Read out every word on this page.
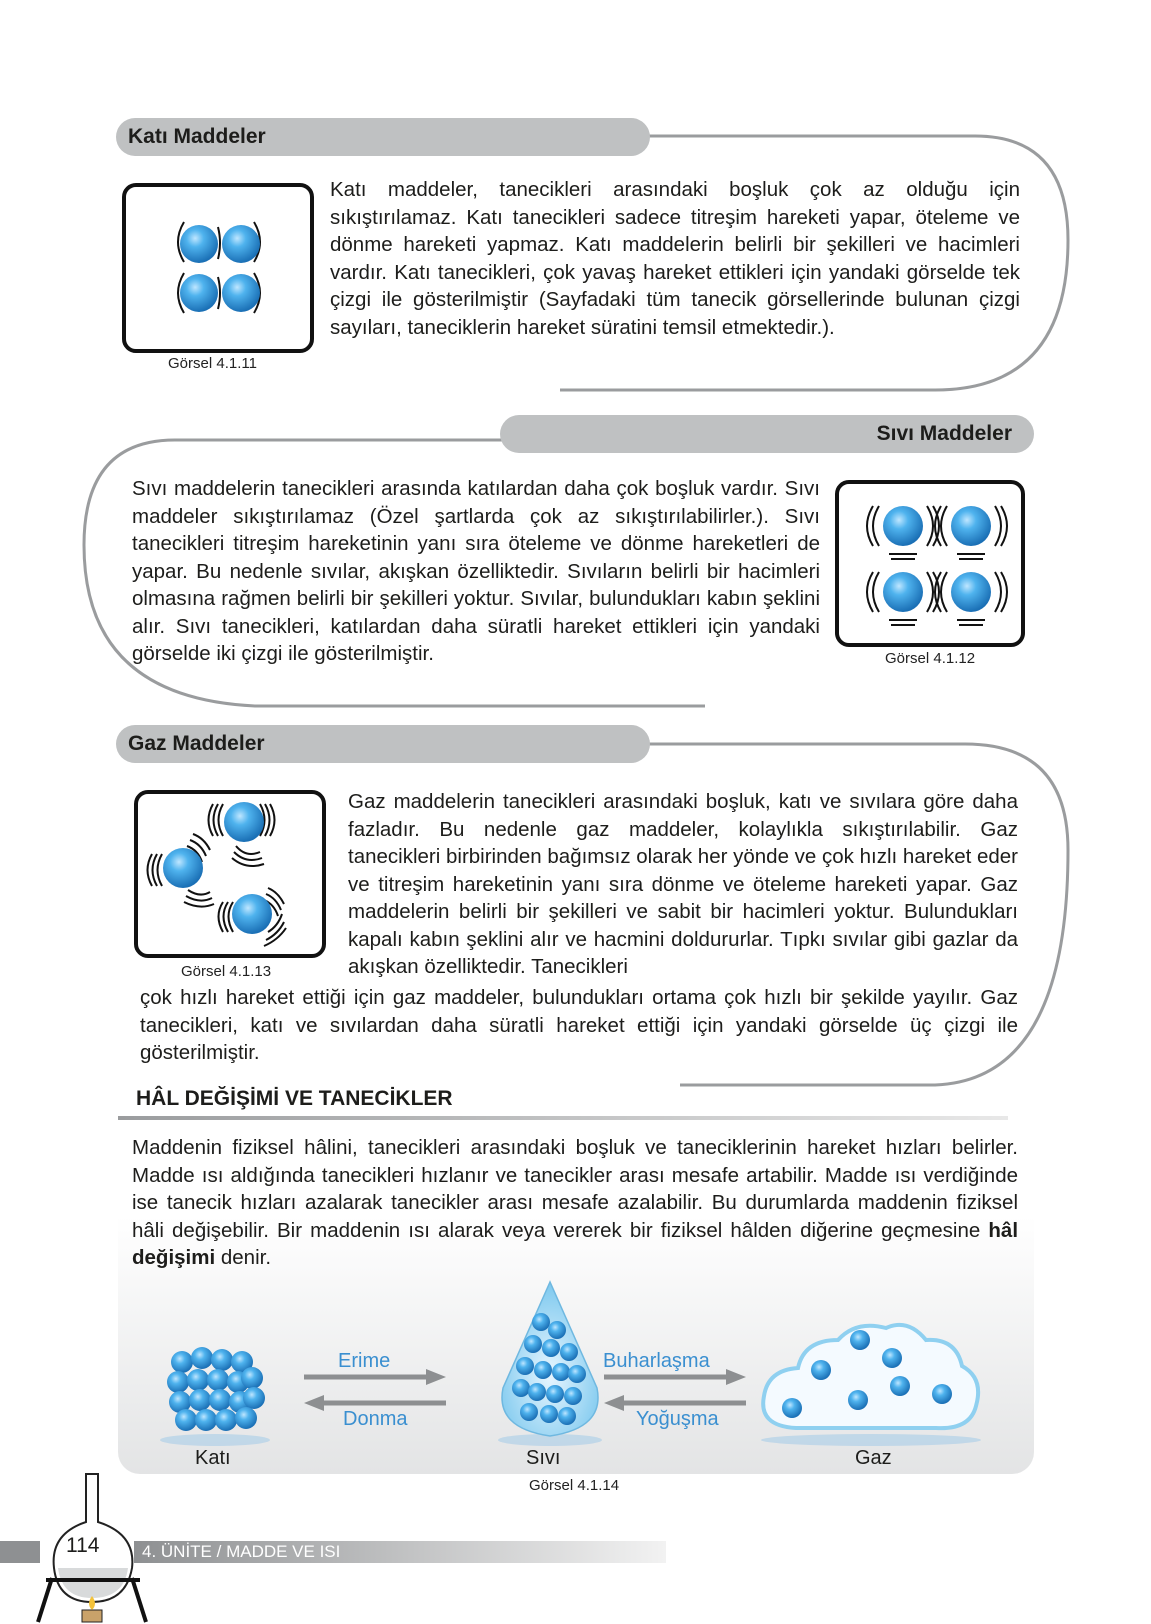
Katı Maddeler
Görsel 4.1.11
Katı maddeler, tanecikleri arasındaki boşluk çok az olduğu için sıkıştırılamaz. Katı tanecikleri sadece titreşim hareketi yapar, öteleme ve dönme hareketi yapmaz. Katı maddelerin belirli bir şekilleri ve hacimleri vardır. Katı tanecikleri, çok yavaş hareket ettikleri için yandaki görselde tek çizgi ile gösterilmiştir (Sayfadaki tüm tanecik görsellerinde bulunan çizgi sayıları, taneciklerin hareket süratini temsil etmektedir.).
Sıvı Maddeler
Sıvı maddelerin tanecikleri arasında katılardan daha çok boşluk vardır. Sıvı maddeler sıkıştırılamaz (Özel şartlarda çok az sıkıştırılabilirler.). Sıvı tanecikleri titreşim hareketinin yanı sıra öteleme ve dönme hareketleri de yapar. Bu nedenle sıvılar, akışkan özelliktedir. Sıvıların belirli bir hacimleri olmasına rağmen belirli bir şekilleri yoktur. Sıvılar, bulundukları kabın şeklini alır. Sıvı tanecikleri, katılardan daha süratli hareket ettikleri için yandaki görselde iki çizgi ile gösterilmiştir.	Görsel 4.1.12
Gaz Maddeler
Görsel 4.1.13
Gaz maddelerin tanecikleri arasındaki boşluk, katı ve sıvılara göre daha fazladır. Bu nedenle gaz maddeler, kolaylıkla sıkıştırılabilir. Gaz tanecikleri birbirinden bağımsız olarak her yönde ve çok hızlı hareket eder ve titreşim hareketinin yanı sıra dönme ve öteleme hareketi yapar. Gaz maddelerin belirli bir şekilleri ve sabit bir hacimleri yoktur. Bulundukları kapalı kabın şeklini alır ve hacmini doldururlar. Tıpkı sıvılar gibi gazlar da akışkan özelliktedir. Tanecikleri
çok hızlı hareket ettiği için gaz maddeler, bulundukları ortama çok hızlı bir şekilde yayılır. Gaz tanecikleri, katı ve sıvılardan daha süratli hareket ettiği için yandaki görselde üç çizgi ile gösterilmiştir.
HÂL DEĞİŞİMİ VE TANECİKLER
Maddenin fiziksel hâlini, tanecikleri arasındaki boşluk ve taneciklerinin hareket hızları belirler. Madde ısı aldığında tanecikleri hızlanır ve tanecikler arası mesafe artabilir. Madde ısı verdiğinde ise tanecik hızları azalarak tanecikler arası mesafe azalabilir. Bu durumlarda maddenin fiziksel hâli değişebilir. Bir maddenin ısı alarak veya vererek bir fiziksel hâlden diğerine geçmesine hâl değişimi denir.
Erime
Donma
Buharlaşma
Yoğuşma
Katı	Sıvı	Gaz
Görsel 4.1.14
114	4. ÜNİTE / MADDE VE ISI
